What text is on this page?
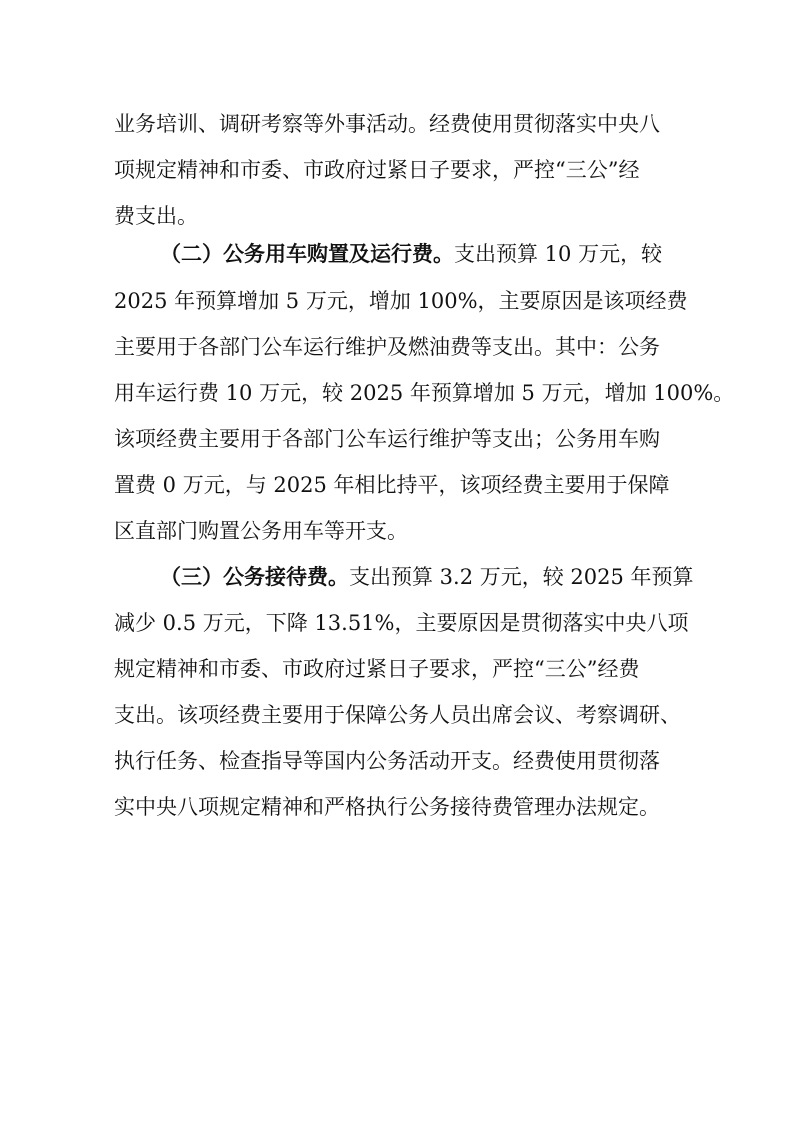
业务培训、调研考察等外事活动。经费使用贯彻落实中央八
项规定精神和市委、市政府过紧日子要求，严控“三公”经
费支出。
（二）公务用车购置及运行费。支出预算 10 万元，较
2025 年预算增加 5 万元，增加 100%，主要原因是该项经费
主要用于各部门公车运行维护及燃油费等支出。其中：公务
用车运行费 10 万元，较 2025 年预算增加 5 万元，增加 100%。
该项经费主要用于各部门公车运行维护等支出；公务用车购
置费 0 万元，与 2025 年相比持平，该项经费主要用于保障
区直部门购置公务用车等开支。
（三）公务接待费。支出预算 3.2 万元，较 2025 年预算
减少 0.5 万元，下降 13.51%，主要原因是贯彻落实中央八项
规定精神和市委、市政府过紧日子要求，严控“三公”经费
支出。该项经费主要用于保障公务人员出席会议、考察调研、
执行任务、检查指导等国内公务活动开支。经费使用贯彻落
实中央八项规定精神和严格执行公务接待费管理办法规定。
